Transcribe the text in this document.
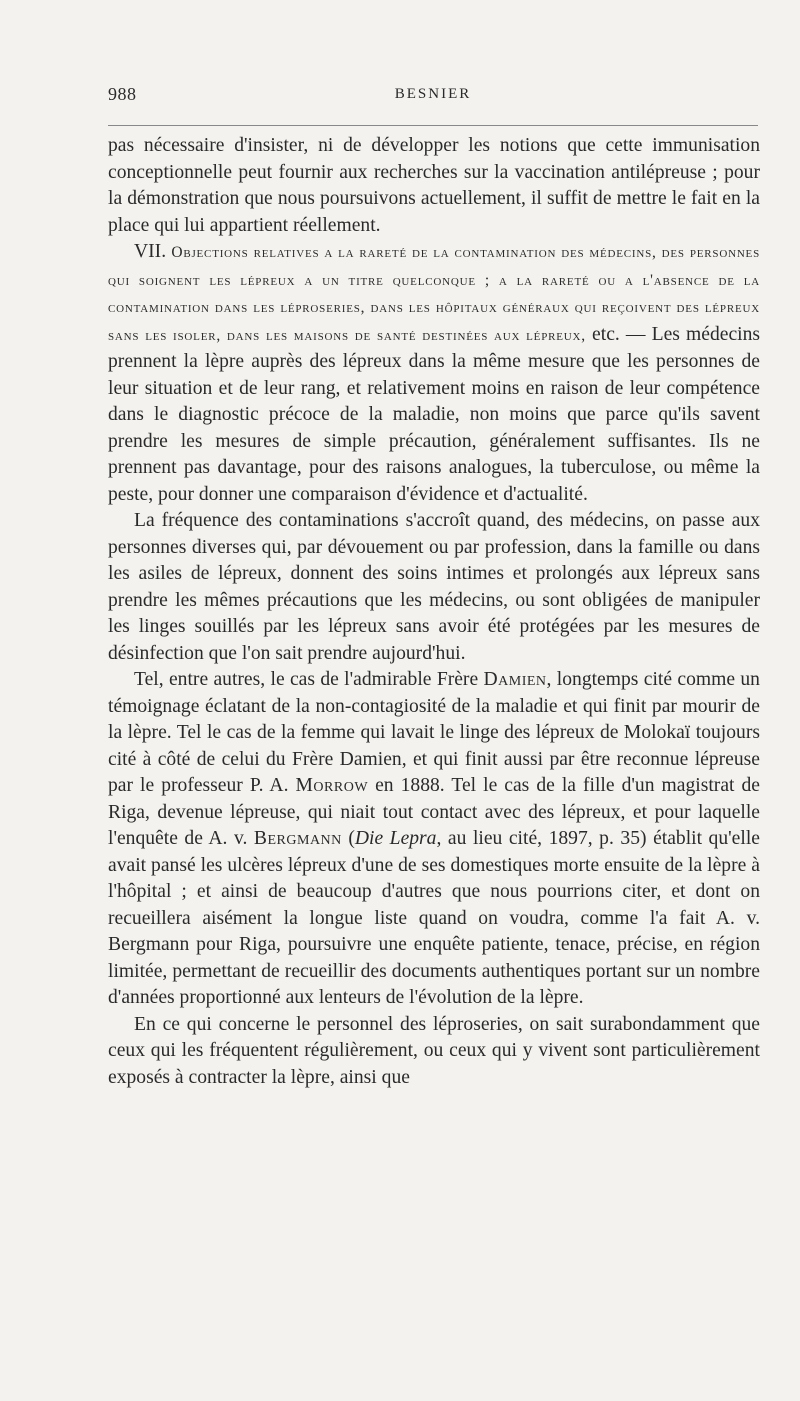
988	BESNIER

pas nécessaire d'insister, ni de développer les notions que cette immunisation conceptionnelle peut fournir aux recherches sur la vaccination antilépreuse ; pour la démonstration que nous poursuivons actuellement, il suffit de mettre le fait en la place qui lui appartient réellement.

VII. Objections relatives a la rareté de la contamination des médecins, des personnes qui soignent les lépreux a un titre quelconque ; a la rareté ou a l'absence de la contamination dans les léproseries, dans les hôpitaux généraux qui reçoivent des lépreux sans les isoler, dans les maisons de santé destinées aux lépreux, etc. — Les médecins prennent la lèpre auprès des lépreux dans la même mesure que les personnes de leur situation et de leur rang, et relativement moins en raison de leur compétence dans le diagnostic précoce de la maladie, non moins que parce qu'ils savent prendre les mesures de simple précaution, généralement suffisantes. Ils ne prennent pas davantage, pour des raisons analogues, la tuberculose, ou même la peste, pour donner une comparaison d'évidence et d'actualité.

La fréquence des contaminations s'accroît quand, des médecins, on passe aux personnes diverses qui, par dévouement ou par profession, dans la famille ou dans les asiles de lépreux, donnent des soins intimes et prolongés aux lépreux sans prendre les mêmes précautions que les médecins, ou sont obligées de manipuler les linges souillés par les lépreux sans avoir été protégées par les mesures de désinfection que l'on sait prendre aujourd'hui.

Tel, entre autres, le cas de l'admirable Frère Damien, longtemps cité comme un témoignage éclatant de la non-contagiosité de la maladie et qui finit par mourir de la lèpre. Tel le cas de la femme qui lavait le linge des lépreux de Molokaï toujours cité à côté de celui du Frère Damien, et qui finit aussi par être reconnue lépreuse par le professeur P. A. Morrow en 1888. Tel le cas de la fille d'un magistrat de Riga, devenue lépreuse, qui niait tout contact avec des lépreux, et pour laquelle l'enquête de A. v. Bergmann (Die Lepra, au lieu cité, 1897, p. 35) établit qu'elle avait pansé les ulcères lépreux d'une de ses domestiques morte ensuite de la lèpre à l'hôpital ; et ainsi de beaucoup d'autres que nous pourrions citer, et dont on recueillera aisément la longue liste quand on voudra, comme l'a fait A. v. Bergmann pour Riga, poursuivre une enquête patiente, tenace, précise, en région limitée, permettant de recueillir des documents authentiques portant sur un nombre d'années proportionné aux lenteurs de l'évolution de la lèpre.

En ce qui concerne le personnel des léproseries, on sait surabondamment que ceux qui les fréquentent régulièrement, ou ceux qui y vivent sont particulièrement exposés à contracter la lèpre, ainsi que
